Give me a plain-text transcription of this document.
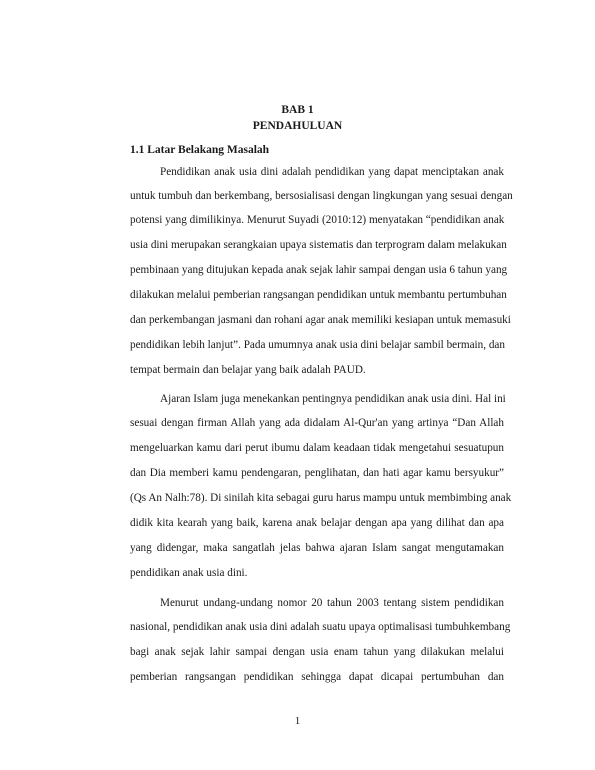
BAB 1
PENDAHULUAN
1.1 Latar Belakang Masalah
Pendidikan anak usia dini adalah pendidikan yang dapat menciptakan anak
untuk tumbuh dan berkembang, bersosialisasi dengan lingkungan yang sesuai dengan
potensi yang dimilikinya. Menurut Suyadi (2010:12) menyatakan “pendidikan anak
usia dini merupakan serangkaian upaya sistematis dan terprogram dalam melakukan
pembinaan yang ditujukan kepada anak sejak lahir sampai dengan usia 6 tahun yang
dilakukan melalui pemberian rangsangan pendidikan untuk membantu pertumbuhan
dan perkembangan jasmani dan rohani agar anak memiliki kesiapan untuk memasuki
pendidikan lebih lanjut”. Pada umumnya anak usia dini belajar sambil bermain, dan
tempat bermain dan belajar yang baik adalah PAUD.
Ajaran Islam juga menekankan pentingnya pendidikan anak usia dini. Hal ini
sesuai dengan firman Allah yang ada didalam Al-Qur'an yang artinya “Dan Allah
mengeluarkan kamu dari perut ibumu dalam keadaan tidak mengetahui sesuatupun
dan Dia memberi kamu pendengaran, penglihatan, dan hati agar kamu bersyukur”
(Qs An Nalh:78). Di sinilah kita sebagai guru harus mampu untuk membimbing anak
didik kita kearah yang baik, karena anak belajar dengan apa yang dilihat dan apa
yang didengar, maka sangatlah jelas bahwa ajaran Islam sangat mengutamakan
pendidikan anak usia dini.
Menurut undang-undang nomor 20 tahun 2003 tentang sistem pendidikan
nasional, pendidikan anak usia dini adalah suatu upaya optimalisasi tumbuhkembang
bagi anak sejak lahir sampai dengan usia enam tahun yang dilakukan melalui
pemberian rangsangan pendidikan sehingga dapat dicapai pertumbuhan dan
1
